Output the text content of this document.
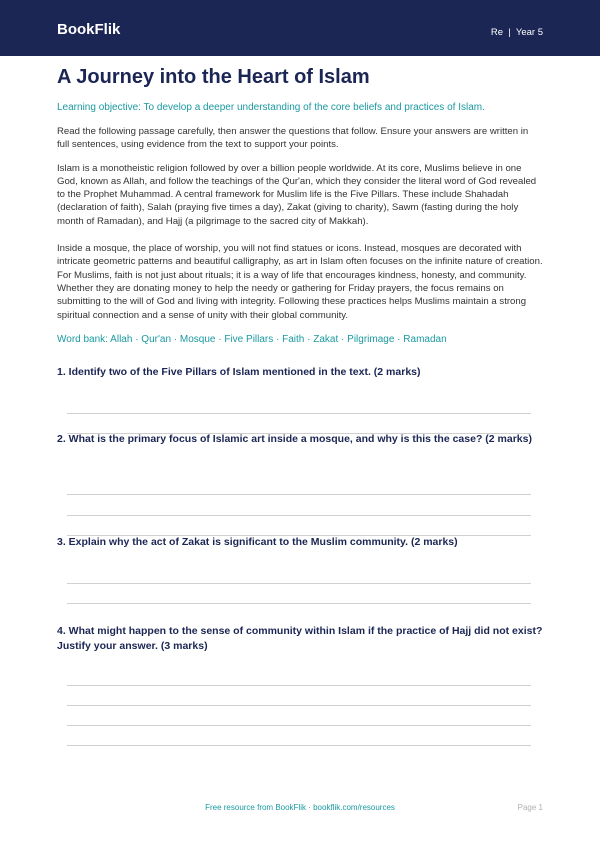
BookFlik	Re  |  Year 5
A Journey into the Heart of Islam

Learning objective: To develop a deeper understanding of the core beliefs and practices of Islam.

Read the following passage carefully, then answer the questions that follow. Ensure your answers are written in full sentences, using evidence from the text to support your points.

Islam is a monotheistic religion followed by over a billion people worldwide. At its core, Muslims believe in one God, known as Allah, and follow the teachings of the Qur'an, which they consider the literal word of God revealed to the Prophet Muhammad. A central framework for Muslim life is the Five Pillars. These include Shahadah (declaration of faith), Salah (praying five times a day), Zakat (giving to charity), Sawm (fasting during the holy month of Ramadan), and Hajj (a pilgrimage to the sacred city of Makkah).

Inside a mosque, the place of worship, you will not find statues or icons. Instead, mosques are decorated with intricate geometric patterns and beautiful calligraphy, as art in Islam often focuses on the infinite nature of creation. For Muslims, faith is not just about rituals; it is a way of life that encourages kindness, honesty, and community. Whether they are donating money to help the needy or gathering for Friday prayers, the focus remains on submitting to the will of God and living with integrity. Following these practices helps Muslims maintain a strong spiritual connection and a sense of unity with their global community.

Word bank: Allah · Qur'an · Mosque · Five Pillars · Faith · Zakat · Pilgrimage · Ramadan

1. Identify two of the Five Pillars of Islam mentioned in the text. (2 marks)

2. What is the primary focus of Islamic art inside a mosque, and why is this the case? (2 marks)

3. Explain why the act of Zakat is significant to the Muslim community. (2 marks)

4. What might happen to the sense of community within Islam if the practice of Hajj did not exist? Justify your answer. (3 marks)

Free resource from BookFlik · bookflik.com/resources	Page 1
